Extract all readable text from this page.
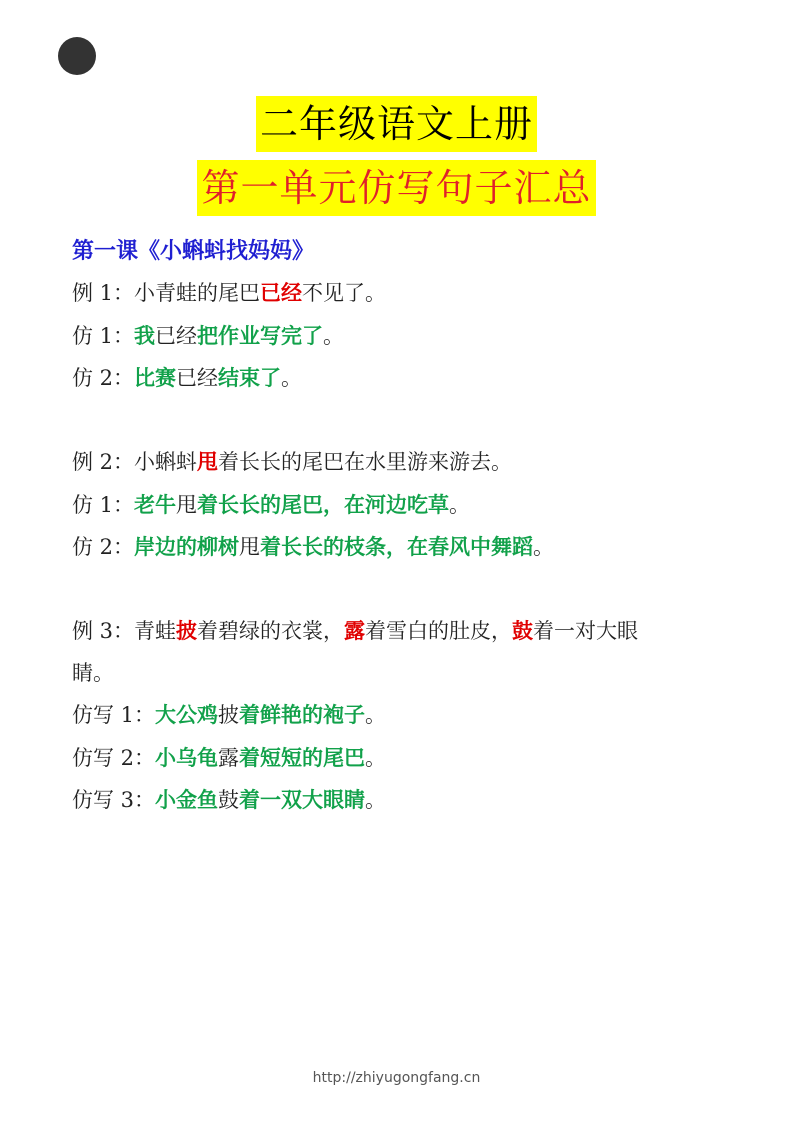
二年级语文上册
第一单元仿写句子汇总

第一课《小蝌蚪找妈妈》

例 1：小青蛙的尾巴已经不见了。

仿 1：我已经把作业写完了。

仿 2：比赛已经结束了。

例 2：小蝌蚪甩着长长的尾巴在水里游来游去。

仿 1：老牛甩着长长的尾巴，在河边吃草。

仿 2：岸边的柳树甩着长长的枝条，在春风中舞蹈。

例 3：青蛙披着碧绿的衣裳，露着雪白的肚皮，鼓着一对大眼

睛。

仿写 1：大公鸡披着鲜艳的袍子。

仿写 2：小乌龟露着短短的尾巴。

仿写 3：小金鱼鼓着一双大眼睛。

http://zhiyugongfang.cn
